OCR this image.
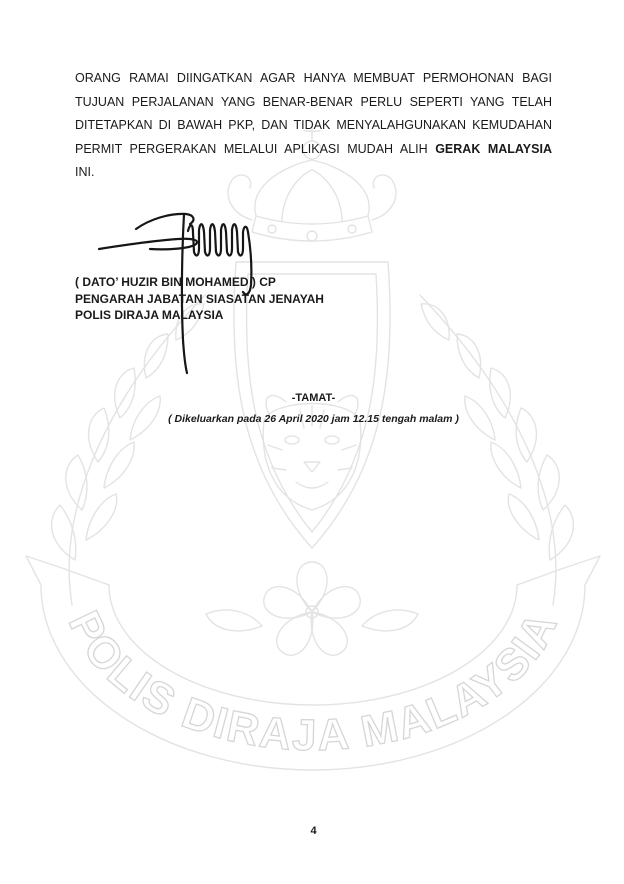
POLIS DIRAJA MALAYSIA
ORANG RAMAI DIINGATKAN AGAR HANYA MEMBUAT PERMOHONAN BAGI
TUJUAN PERJALANAN YANG BENAR-BENAR PERLU SEPERTI YANG TELAH
DITETAPKAN DI BAWAH PKP, DAN TIDAK MENYALAHGUNAKAN KEMUDAHAN
PERMIT PERGERAKAN MELALUI APLIKASI MUDAH ALIH GERAK MALAYSIA
INI.
( DATO’ HUZIR BIN MOHAMED ) CP
PENGARAH JABATAN SIASATAN JENAYAH
POLIS DIRAJA MALAYSIA
-TAMAT-
( Dikeluarkan pada 26 April 2020 jam 12.15 tengah malam )
4
